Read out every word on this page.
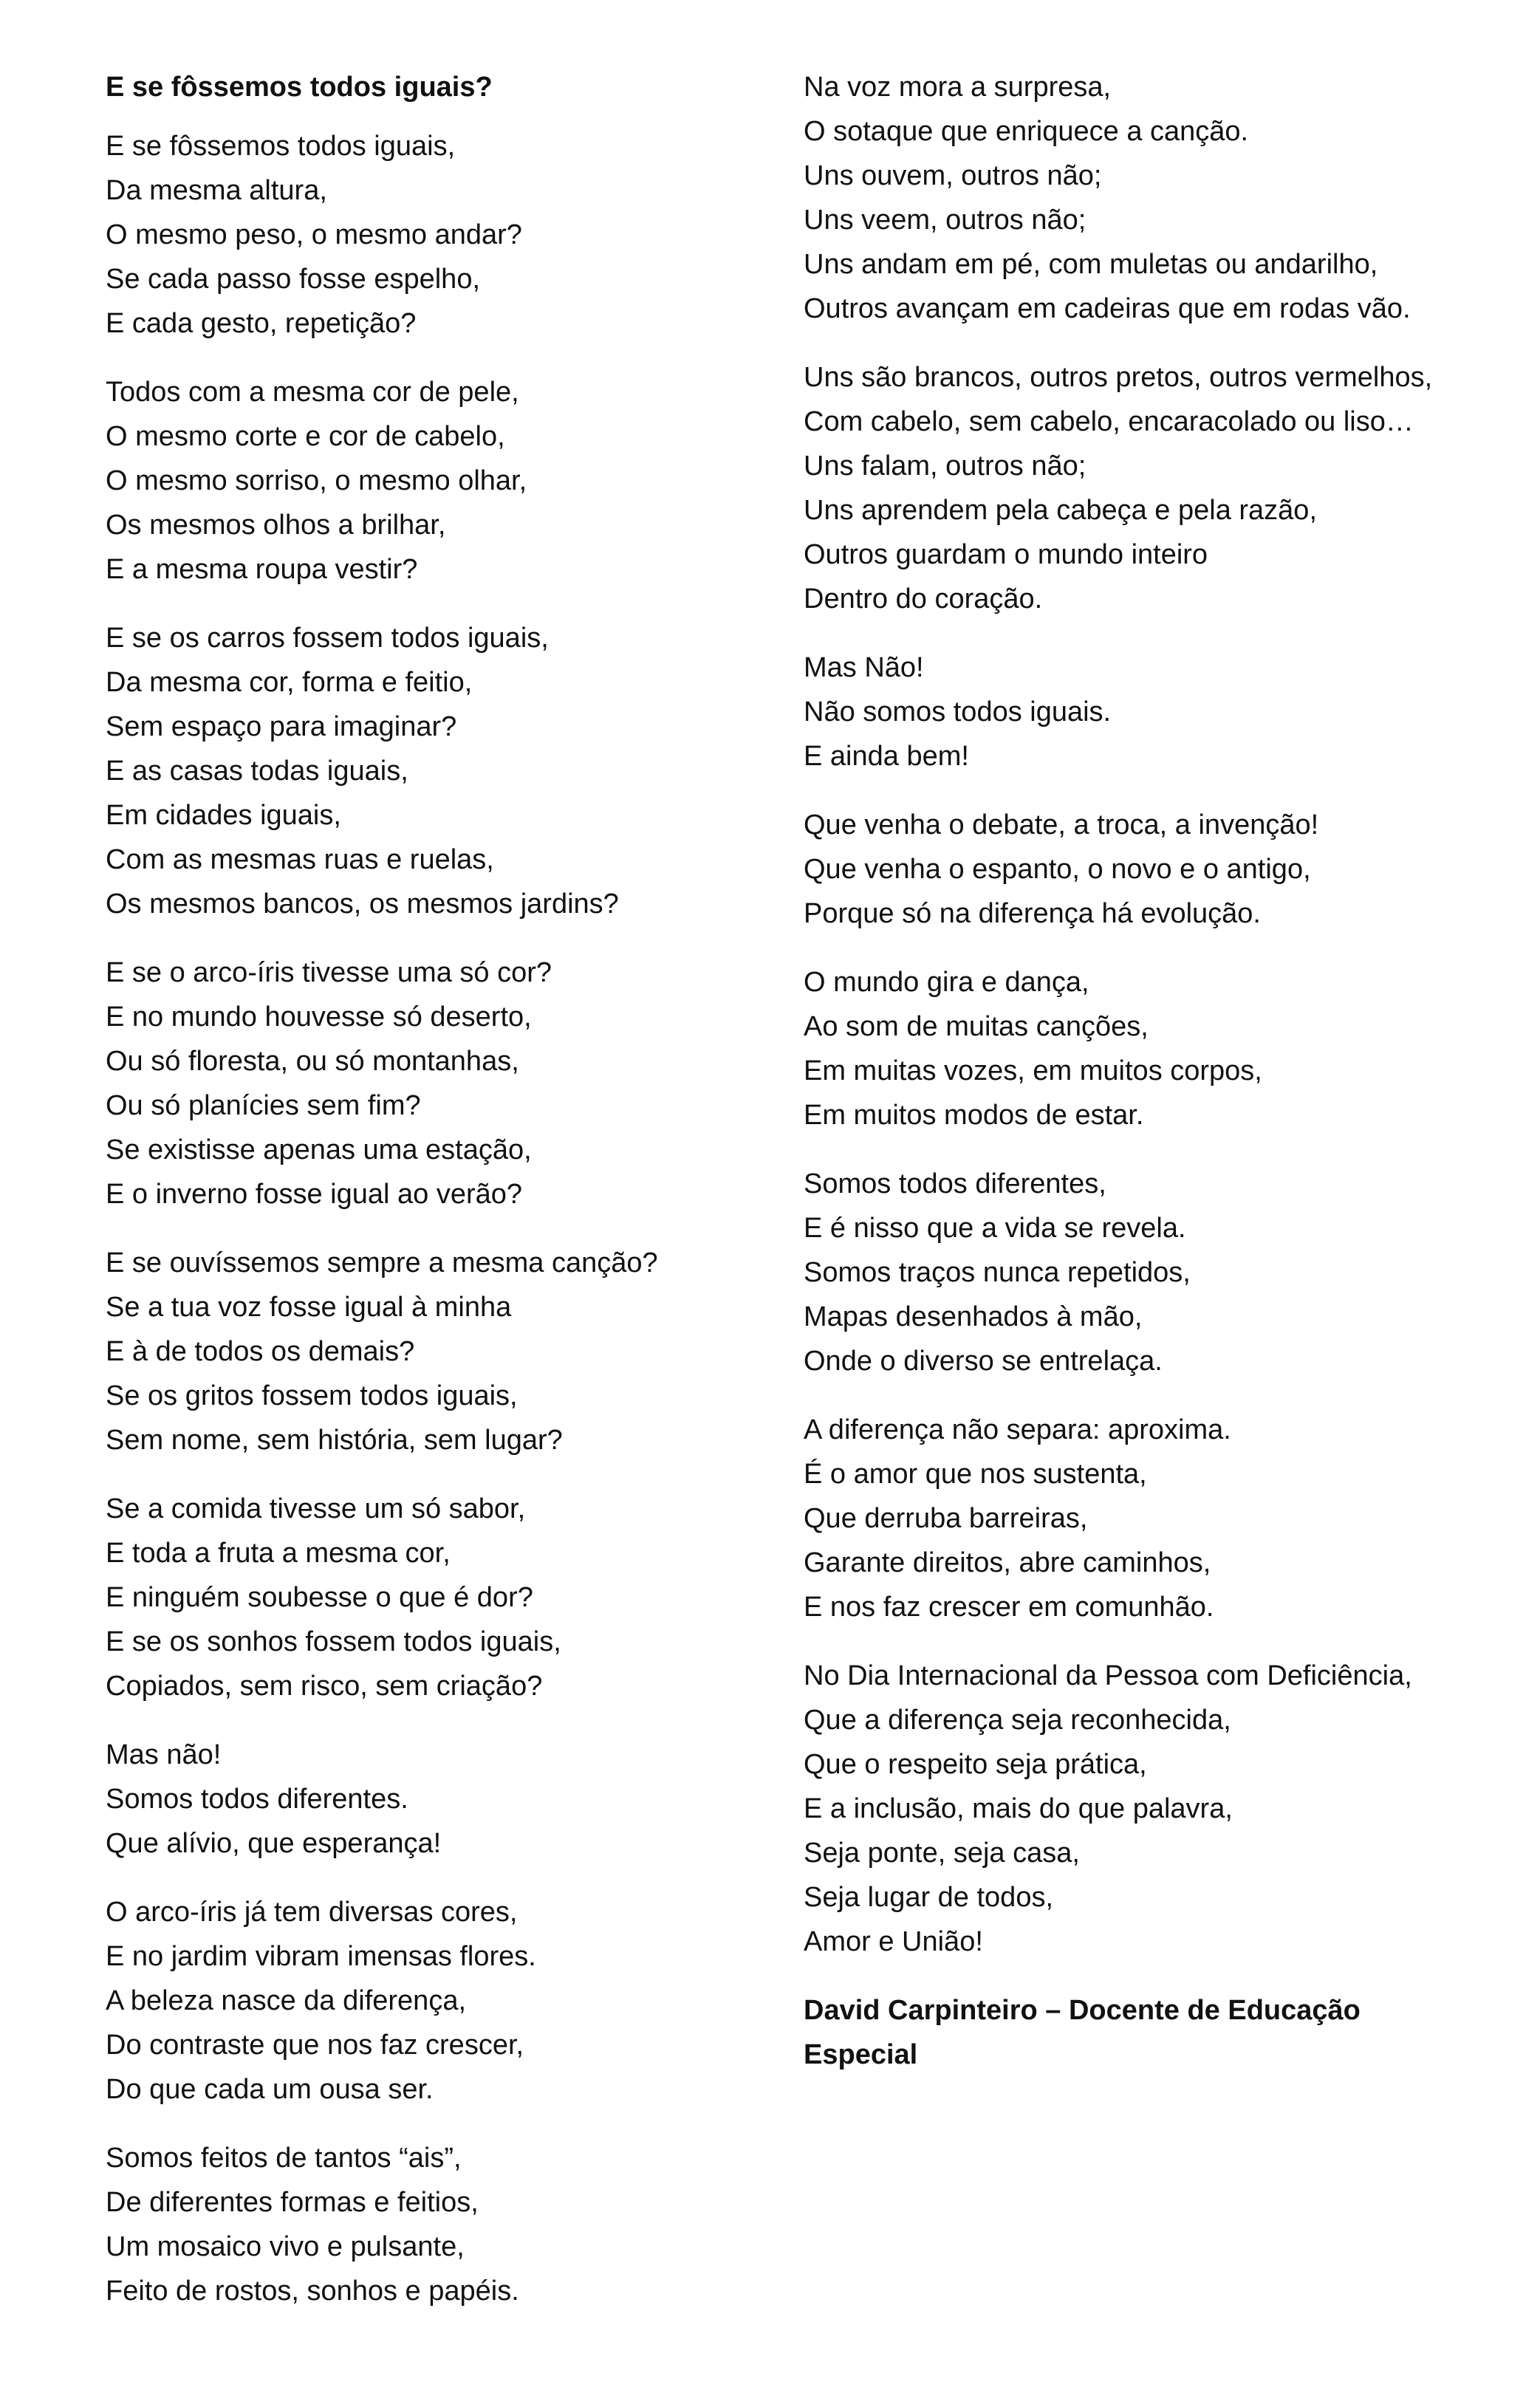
E se fôssemos todos iguais?
E se fôssemos todos iguais,
Da mesma altura,
O mesmo peso, o mesmo andar?
Se cada passo fosse espelho,
E cada gesto, repetição?
Todos com a mesma cor de pele,
O mesmo corte e cor de cabelo,
O mesmo sorriso, o mesmo olhar,
Os mesmos olhos a brilhar,
E a mesma roupa vestir?
E se os carros fossem todos iguais,
Da mesma cor, forma e feitio,
Sem espaço para imaginar?
E as casas todas iguais,
Em cidades iguais,
Com as mesmas ruas e ruelas,
Os mesmos bancos, os mesmos jardins?
E se o arco-íris tivesse uma só cor?
E no mundo houvesse só deserto,
Ou só floresta, ou só montanhas,
Ou só planícies sem fim?
Se existisse apenas uma estação,
E o inverno fosse igual ao verão?
E se ouvíssemos sempre a mesma canção?
Se a tua voz fosse igual à minha
E à de todos os demais?
Se os gritos fossem todos iguais,
Sem nome, sem história, sem lugar?
Se a comida tivesse um só sabor,
E toda a fruta a mesma cor,
E ninguém soubesse o que é dor?
E se os sonhos fossem todos iguais,
Copiados, sem risco, sem criação?
Mas não!
Somos todos diferentes.
Que alívio, que esperança!
O arco-íris já tem diversas cores,
E no jardim vibram imensas flores.
A beleza nasce da diferença,
Do contraste que nos faz crescer,
Do que cada um ousa ser.
Somos feitos de tantos “ais”,
De diferentes formas e feitios,
Um mosaico vivo e pulsante,
Feito de rostos, sonhos e papéis.
Na voz mora a surpresa,
O sotaque que enriquece a canção.
Uns ouvem, outros não;
Uns veem, outros não;
Uns andam em pé, com muletas ou andarilho,
Outros avançam em cadeiras que em rodas vão.
Uns são brancos, outros pretos, outros vermelhos,
Com cabelo, sem cabelo, encaracolado ou liso…
Uns falam, outros não;
Uns aprendem pela cabeça e pela razão,
Outros guardam o mundo inteiro
Dentro do coração.
Mas Não!
Não somos todos iguais.
E ainda bem!
Que venha o debate, a troca, a invenção!
Que venha o espanto, o novo e o antigo,
Porque só na diferença há evolução.
O mundo gira e dança,
Ao som de muitas canções,
Em muitas vozes, em muitos corpos,
Em muitos modos de estar.
Somos todos diferentes,
E é nisso que a vida se revela.
Somos traços nunca repetidos,
Mapas desenhados à mão,
Onde o diverso se entrelaça.
A diferença não separa: aproxima.
É o amor que nos sustenta,
Que derruba barreiras,
Garante direitos, abre caminhos,
E nos faz crescer em comunhão.
No Dia Internacional da Pessoa com Deficiência,
Que a diferença seja reconhecida,
Que o respeito seja prática,
E a inclusão, mais do que palavra,
Seja ponte, seja casa,
Seja lugar de todos,
Amor e União!
David Carpinteiro – Docente de Educação Especial
